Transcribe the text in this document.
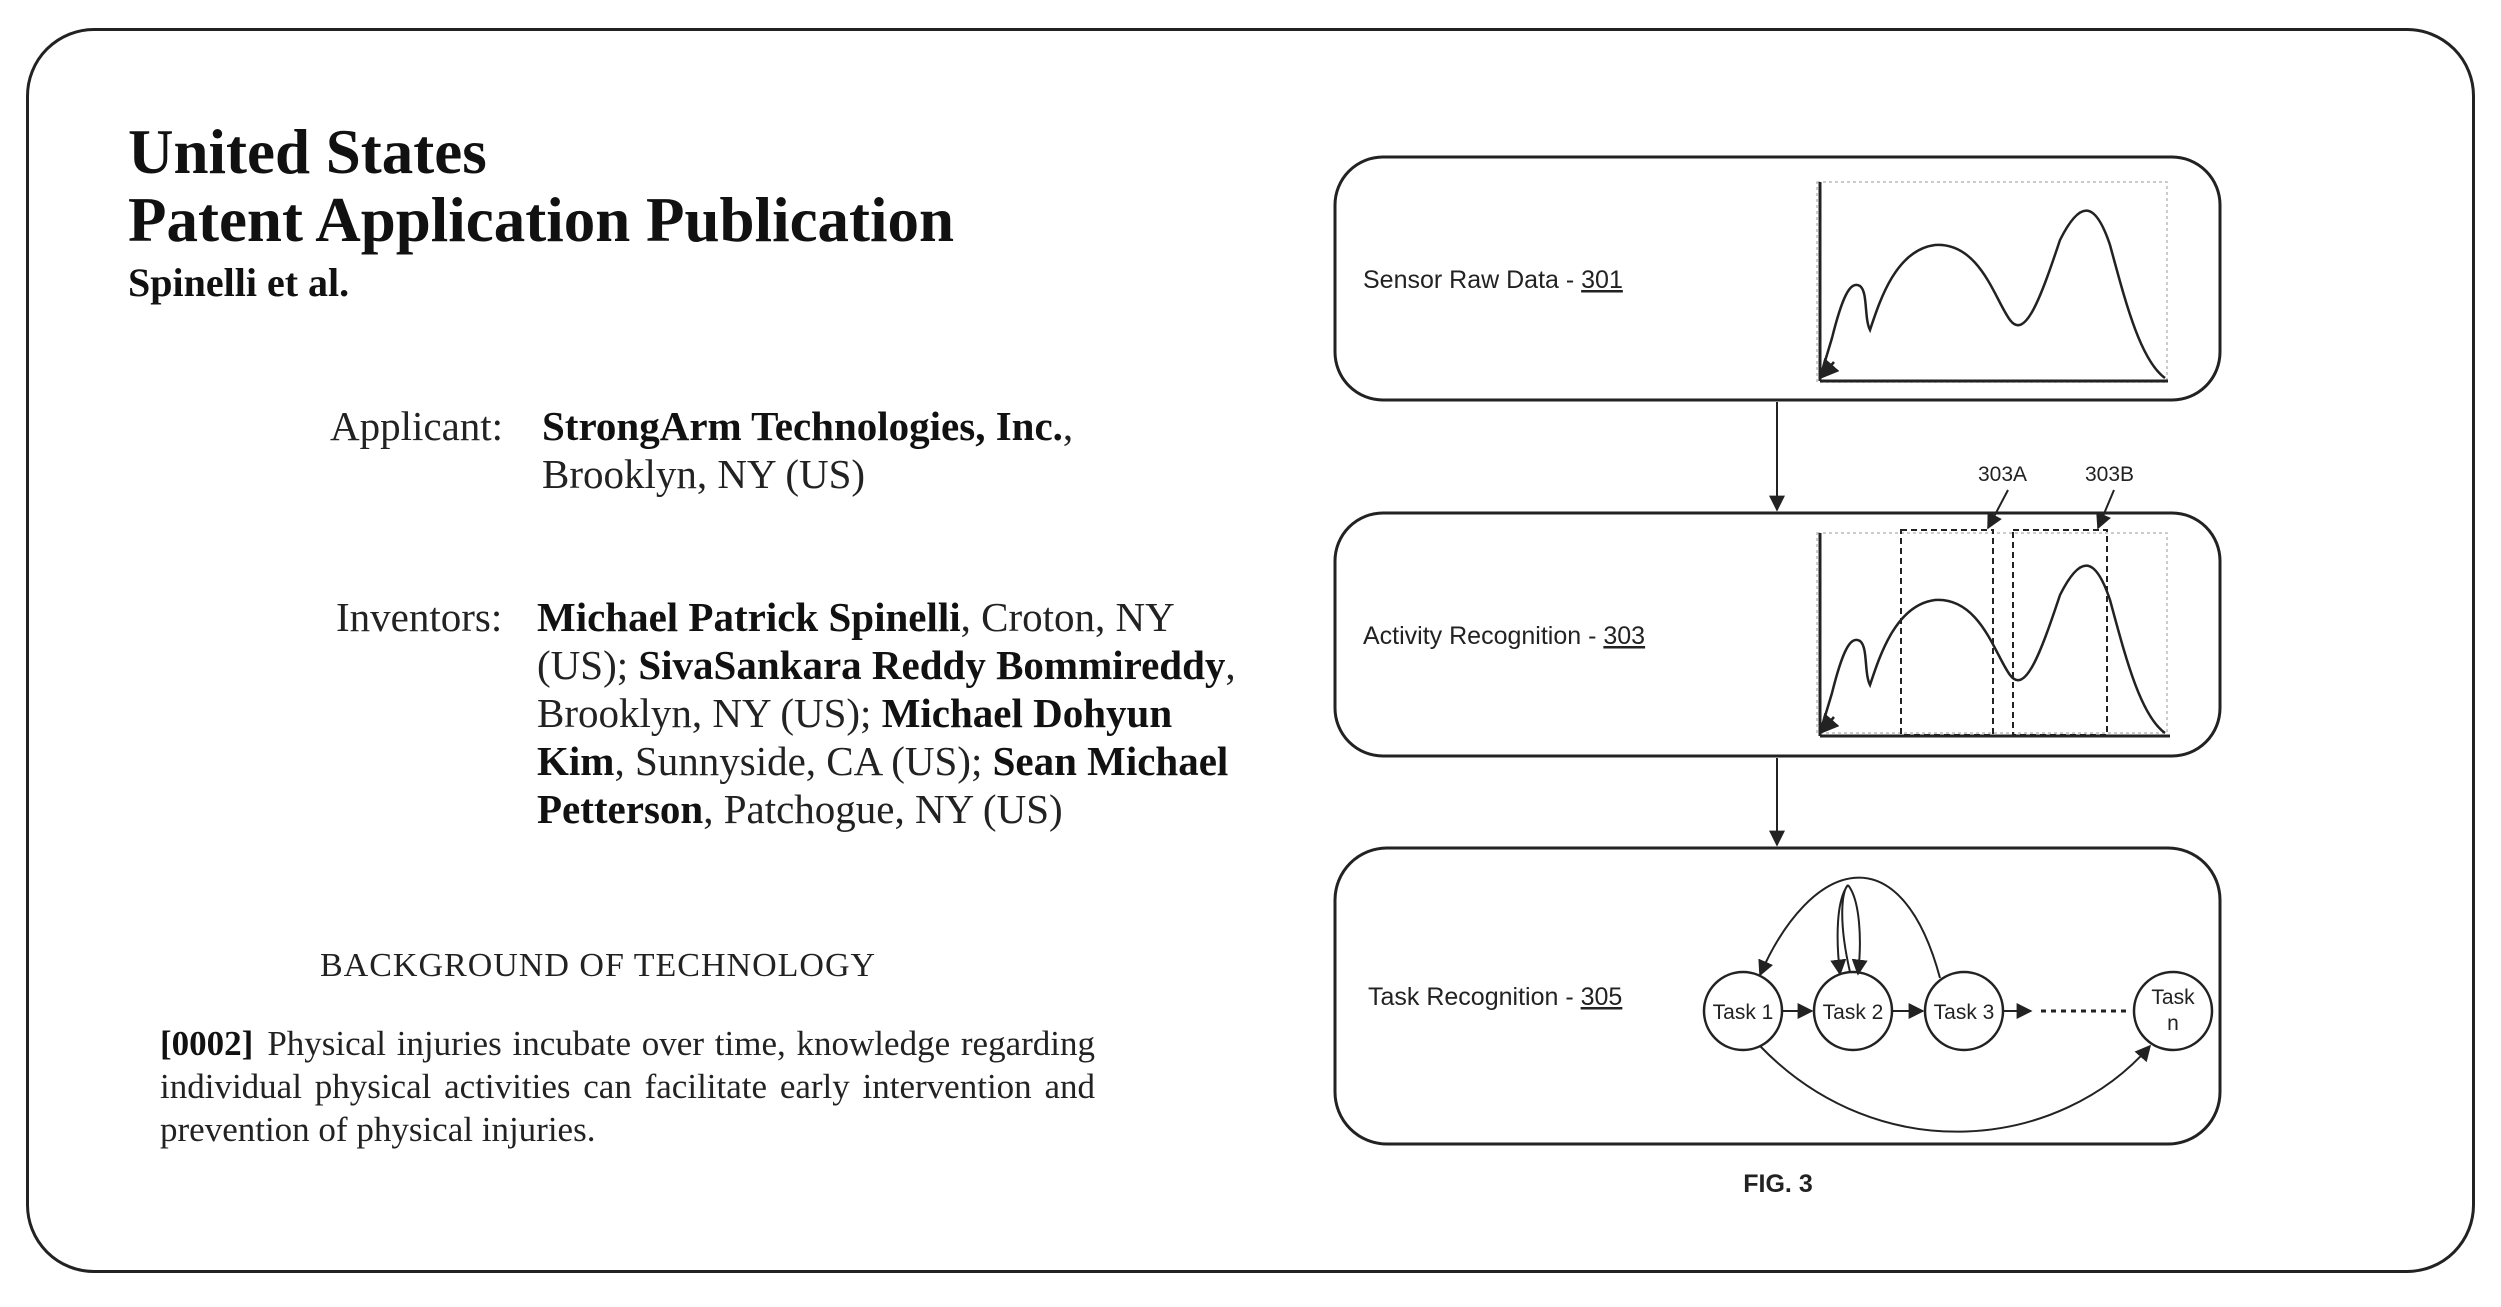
United States
Patent Application Publication
Spinelli et al.
Applicant: StrongArm Technologies, Inc.,
Brooklyn, NY (US)
Inventors: Michael Patrick Spinelli, Croton, NY (US); SivaSankara Reddy Bommireddy, Brooklyn, NY (US); Michael Dohyun Kim, Sunnyside, CA (US); Sean Michael Petterson, Patchogue, NY (US)
BACKGROUND OF TECHNOLOGY
[0002] Physical injuries incubate over time, knowledge regarding individual physical activities can facilitate early intervention and prevention of physical injuries.
Sensor Raw Data - 301
Activity Recognition - 303
303A	303B
Task Recognition - 305
Task 1 Task 2 Task 3
Task
n
FIG. 3
